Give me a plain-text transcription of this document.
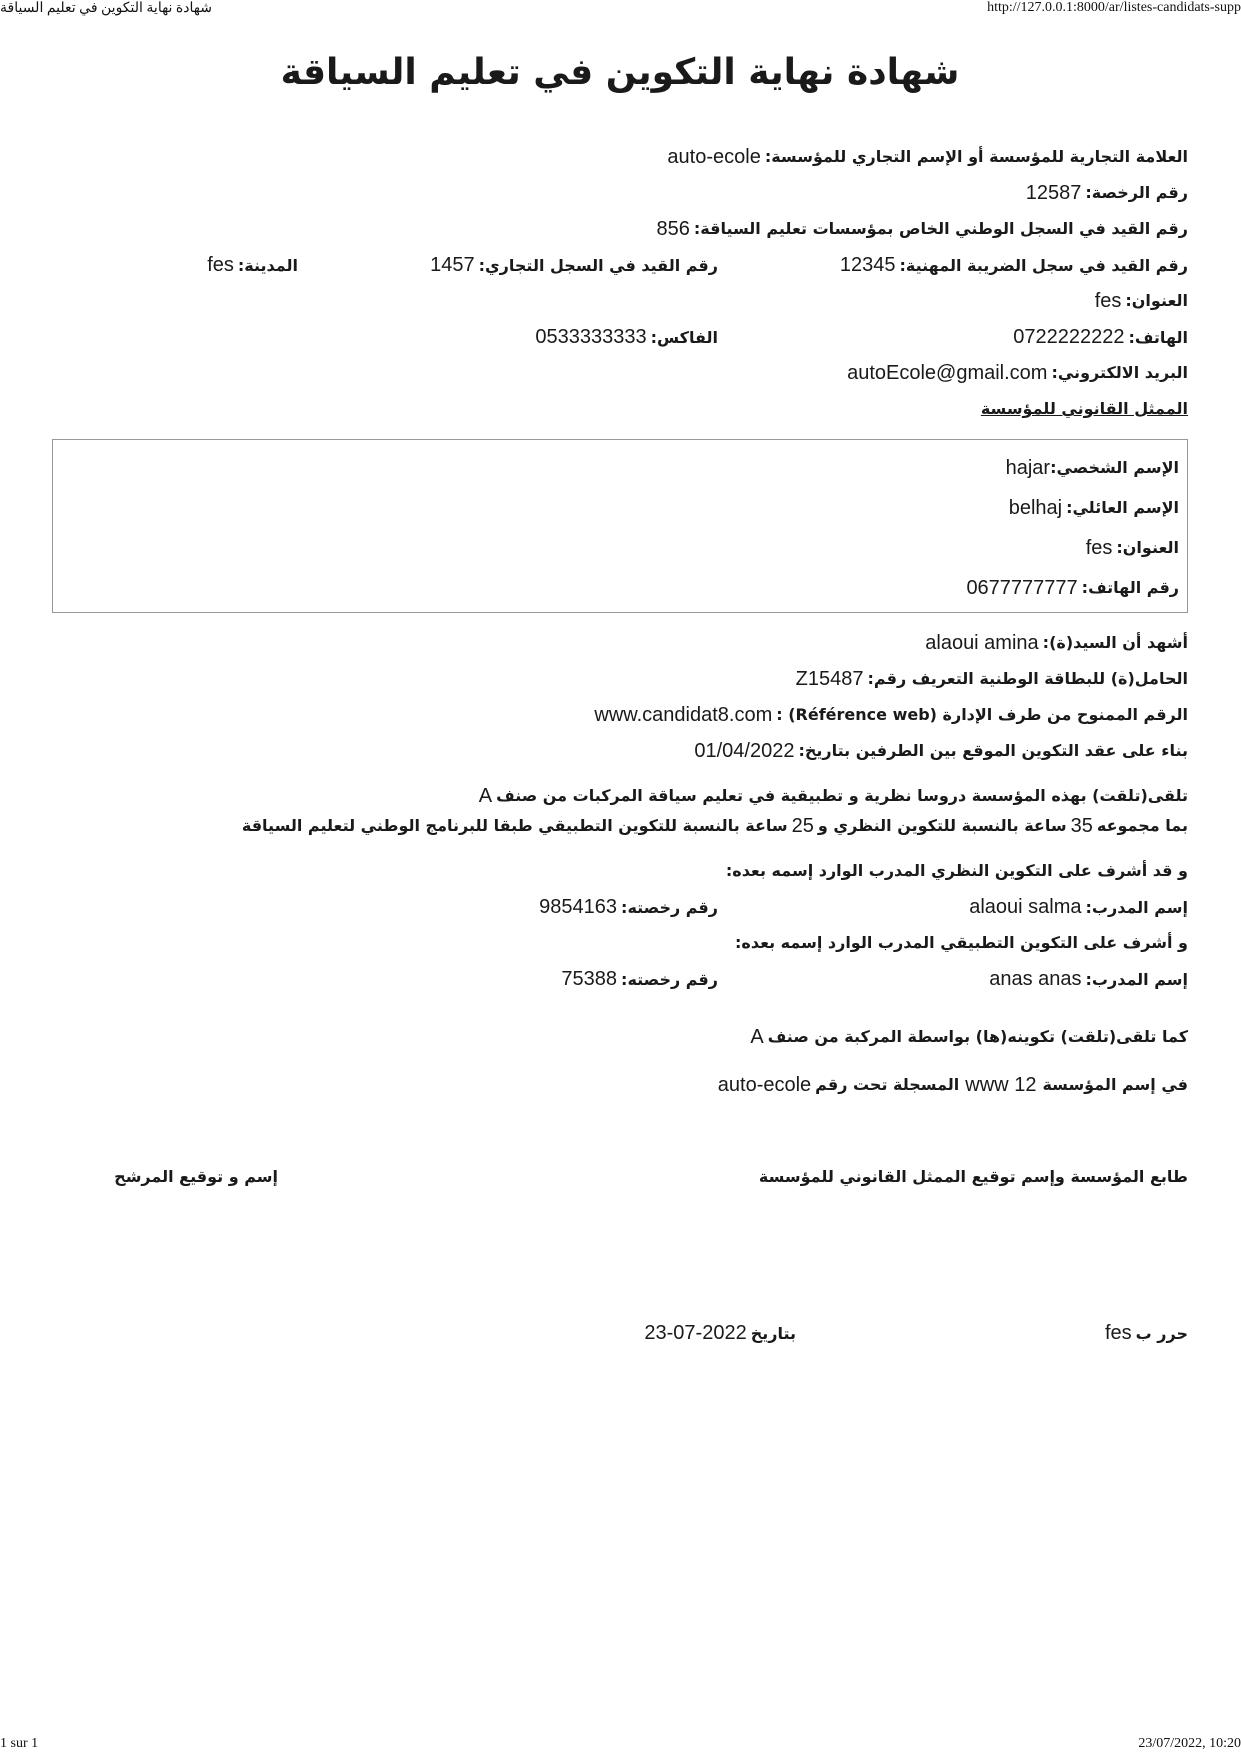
شهادة نهاية التكوين في تعليم السياقة	http://127.0.0.1:8000/ar/listes-candidats-supp
شهادة نهاية التكوين في تعليم السياقة
العلامة التجارية للمؤسسة أو الإسم التجاري للمؤسسة:
auto-ecole
رقم الرخصة:
12587
رقم القيد في السجل الوطني الخاص بمؤسسات تعليم السياقة:
856
رقم القيد في سجل الضريبة المهنية:
12345
رقم القيد في السجل التجاري:
1457
المدينة:
fes
العنوان:
fes
الهاتف:
0722222222
الفاكس:
0533333333
البريد الالكتروني:
autoEcole@gmail.com
الممثل القانوني للمؤسسة
الإسم الشخصي:
hajar
الإسم العائلي:
belhaj
العنوان:
fes
رقم الهاتف:
0677777777
أشهد أن السيد(ة):
alaoui amina
الحامل(ة) للبطاقة الوطنية التعريف رقم:
Z15487
الرقم الممنوح من طرف الإدارة (Référence web) :
www.candidat8.com
بناء على عقد التكوين الموقع بين الطرفين بتاريخ:
01/04/2022
تلقى(تلقت) بهذه المؤسسة دروسا نظرية و تطبيقية في تعليم سياقة المركبات من صنف
A
بما مجموعه
35
ساعة بالنسبة للتكوين النظري و
25
ساعة بالنسبة للتكوين التطبيقي طبقا للبرنامج الوطني لتعليم السياقة
و قد أشرف على التكوين النظري المدرب الوارد إسمه بعده:
إسم المدرب:
alaoui salma
رقم رخصته:
9854163
و أشرف على التكوين التطبيقي المدرب الوارد إسمه بعده:
إسم المدرب:
anas anas
رقم رخصته:
75388
كما تلقى(تلقت) تكوينه(ها) بواسطة المركبة من صنف
A
في إسم المؤسسة
12 www
المسجلة تحت رقم
auto-ecole
طابع المؤسسة وإسم توقيع الممثل القانوني للمؤسسة
إسم و توقيع المرشح
حرر ب
fes
بتاريخ
23-07-2022
1 sur 1	23/07/2022, 10:20
